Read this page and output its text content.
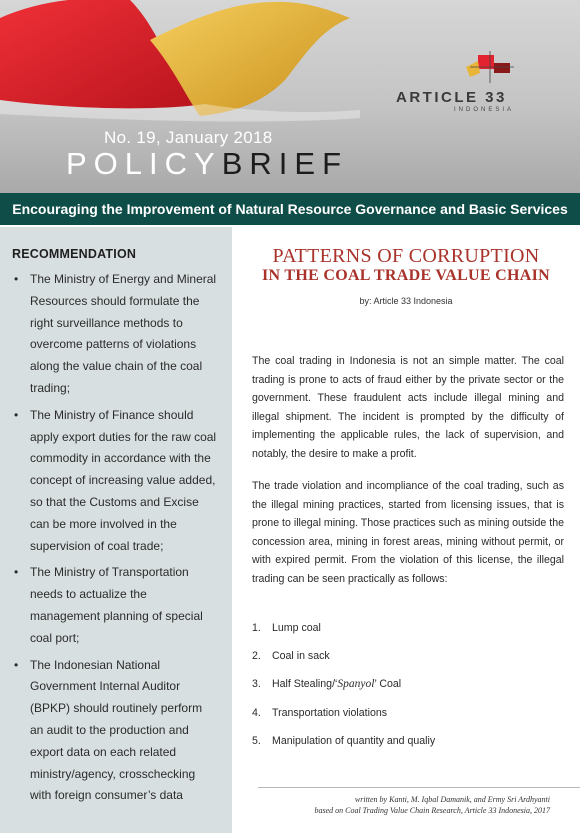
ARTICLE 33
INDONESIA
No. 19, January 2018
POLICYBRIEF
Encouraging the Improvement of Natural Resource Governance and Basic Services
RECOMMENDATION
• The Ministry of Energy and Mineral Resources should formulate the right surveillance methods to overcome patterns of violations along the value chain of the coal trading;
• The Ministry of Finance should apply export duties for the raw coal commodity in accordance with the concept of increasing value added, so that the Customs and Excise can be more involved in the supervision of coal trade;
• The Ministry of Transportation needs to actualize the management planning of special coal port;
• The Indonesian National Government Internal Auditor (BPKP) should routinely perform an audit to the production and export data on each related ministry/agency, crosschecking with foreign consumer’s data
PATTERNS OF CORRUPTION
IN THE COAL TRADE VALUE CHAIN
by: Article 33 Indonesia

The coal trading in Indonesia is not an simple matter. The coal trading is prone to acts of fraud either by the private sector or the government. These fraudulent acts include illegal mining and illegal shipment. The incident is prompted by the difficulty of implementing the applicable rules, the lack of supervision, and notably, the desire to make a profit.

The trade violation and incompliance of the coal trading, such as the illegal mining practices, started from licensing issues, that is prone to illegal mining. Those practices such as mining outside the concession area, mining in forest areas, mining without permit, or with expired permit. From the violation of this license, the illegal trading can be seen practically as follows:

1. Lump coal
2. Coal in sack
3. Half Stealing/‘Spanyol’ Coal
4. Transportation violations
5. Manipulation of quantity and qualiy
written by Kanti, M. Iqbal Damanik, and Ermy Sri Ardhyanti
based on Coal Trading Value Chain Research, Article 33 Indonesia, 2017
